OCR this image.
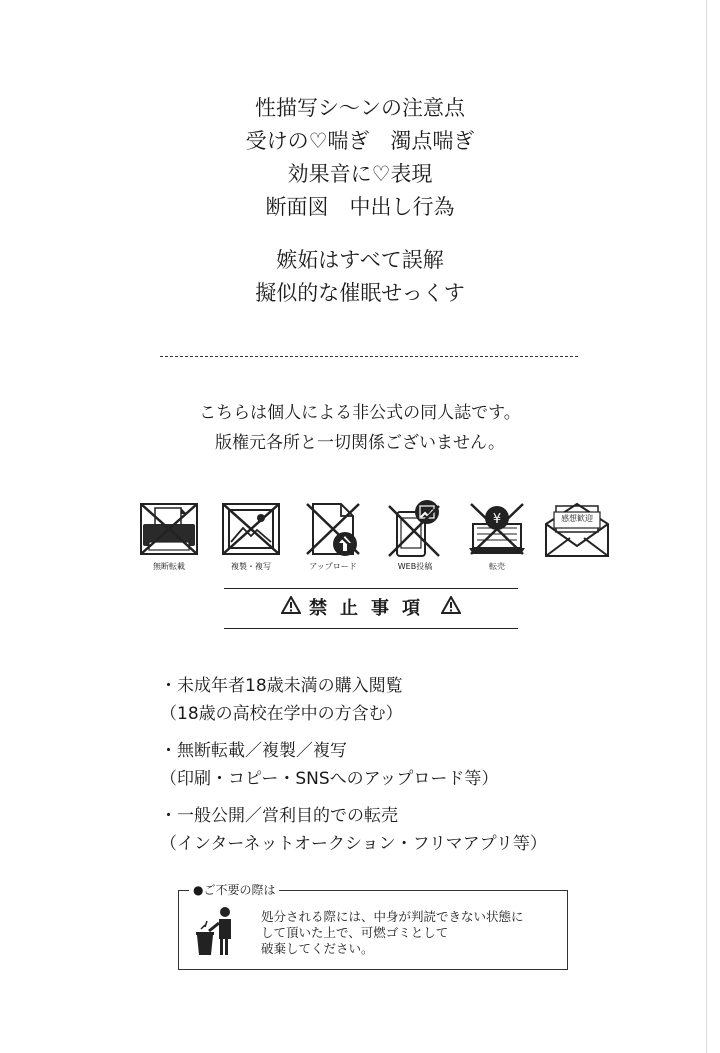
性描写シ～ンの注意点
受けの♡喘ぎ　濁点喘ぎ
効果音に♡表現
断面図　中出し行為
嫉妬はすべて誤解
擬似的な催眠せっくす
こちらは個人による非公式の同人誌です。
版権元各所と一切関係ございません。
無断転載	複製・複写	アップロード	WEB投稿
¥
転売
感想歓迎
禁止事項
・未成年者18歳未満の購入閲覧
（18歳の高校在学中の方含む）
・無断転載／複製／複写
（印刷・コピー・SNSへのアップロード等）
・一般公開／営利目的での転売
（インターネットオークション・フリマアプリ等）
●ご不要の際は
処分される際には、中身が判読できない状態に
して頂いた上で、可燃ゴミとして
破棄してください。
